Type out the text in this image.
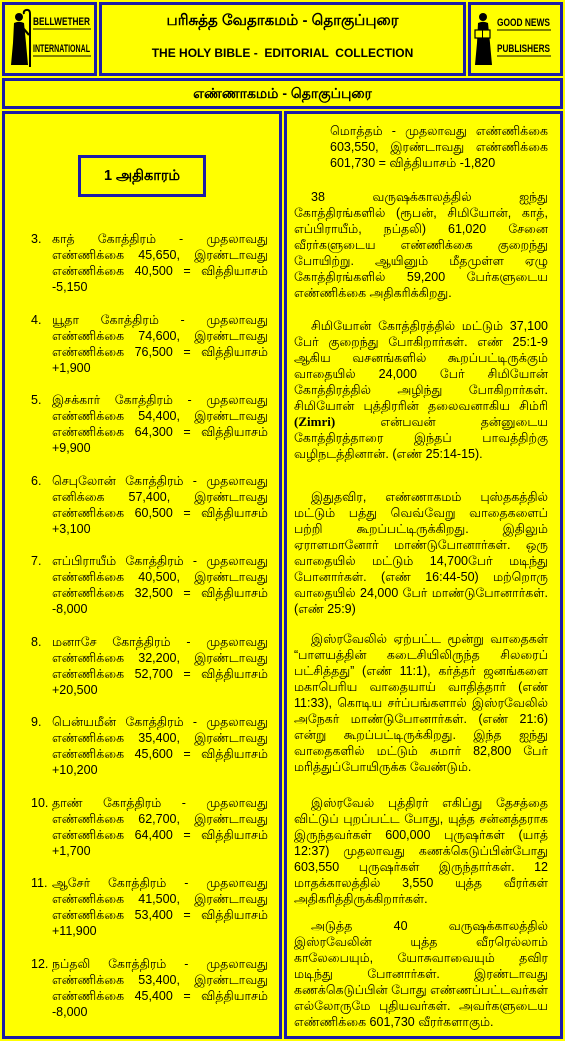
BELLWETHER
INTERNATIONAL
பரிசுத்த வேதாகமம் - தொகுப்புரை
THE HOLY BIBLE -  EDITORIAL  COLLECTION
GOOD NEWS
PUBLISHERS
எண்ணாகமம் - தொகுப்புரை
1 அதிகாரம்
3. காத் கோத்திரம் - முதலாவது எண்ணிக்கை 45,650, இரண்டாவது எண்ணிக்கை 40,500 = வித்தியாசம் -5,150
4. யூதா கோத்திரம் - முதலாவது எண்ணிக்கை 74,600, இரண்டாவது எண்ணிக்கை 76,500 = வித்தியாசம் +1,900
5. இசக்கார் கோத்திரம் - முதலாவது எண்ணிக்கை 54,400, இரண்டாவது எண்ணிக்கை 64,300 = வித்தியாசம் +9,900
6. செபுலோன் கோத்திரம் - முதலாவது எனிக்கை 57,400, இரண்டாவது எண்ணிக்கை 60,500 = வித்தியாசம் +3,100
7. எப்பிராயீம் கோத்திரம் - முதலாவது எண்ணிக்கை 40,500, இரண்டாவது எண்ணிக்கை 32,500 = வித்தியாசம் -8,000
8. மனாசே கோத்திரம் - முதலாவது எண்ணிக்கை 32,200, இரண்டாவது எண்ணிக்கை 52,700 = வித்தியாசம் +20,500
9. பென்யமீன் கோத்திரம் - முதலாவது எண்ணிக்கை 35,400, இரண்டாவது எண்ணிக்கை 45,600 = வித்தியாசம் +10,200
10. தாண் கோத்திரம் - முதலாவது எண்ணிக்கை 62,700, இரண்டாவது எண்ணிக்கை 64,400 = வித்தியாசம் +1,700
11. ஆசேர் கோத்திரம் - முதலாவது எண்ணிக்கை 41,500, இரண்டாவது எண்ணிக்கை 53,400 = வித்தியாசம் +11,900
12. நப்தலி கோத்திரம் - முதலாவது எண்ணிக்கை 53,400, இரண்டாவது எண்ணிக்கை 45,400 = வித்தியாசம் -8,000

மொத்தம் - முதலாவது எண்ணிக்கை 603,550, இரண்டாவது எண்ணிக்கை 601,730 = வித்தியாசம் -1,820

38 வருஷக்காலத்தில் ஐந்து கோத்திரங்களில் (ரூபன், சிமியோன், காத், எப்பிராயீம், நப்தலி) 61,020 சேனை வீரர்களுடைய எண்ணிக்கை குறைந்து போயிற்று. ஆயினும் மீதமுள்ள ஏழு கோத்திரங்களில் 59,200 பேர்களுடைய எண்ணிக்கை அதிகரிக்கிறது.

சிமியோன் கோத்திரத்தில் மட்டும் 37,100 பேர் குறைந்து போகிறார்கள். எண் 25:1-9 ஆகிய வசனங்களில் கூறப்பட்டிருக்கும் வாதையில் 24,000 பேர் சிமியோன் கோத்திரத்தில் அழிந்து போகிறார்கள். சிமியோன் புத்திரரின் தலைவனாகிய சிம்ரி (Zimri)	என்பவன் தன்னுடைய கோத்திரத்தாரை இந்தப் பாவத்திற்கு வழிநடத்தினான். (எண் 25:14-15).

இதுதவிர, எண்ணாகமம் புஸ்தகத்தில் மட்டும் பத்து வெவ்வேறு வாதைகளைப் பற்றி கூறப்பட்டிருக்கிறது. இதிலும் ஏராளமானோர் மாண்டுபோனார்கள். ஒரு வாதையில் மட்டும் 14,700பேர் மடிந்து போனார்கள். (எண் 16:44-50) மற்றொரு வாதையில் 24,000 பேர் மாண்டுபோனார்கள். (எண் 25:9)

இஸ்ரவேலில் ஏற்பட்ட மூன்று வாதைகள் “பாளயத்தின் கடைசியிலிருந்த சிலரைப் பட்சித்தது” (எண் 11:1), கர்த்தர் ஜனங்களை மகாபெரிய வாதையாய் வாதித்தார் (எண் 11:33), கொடிய சர்ப்பங்களால் இஸ்ரவேலில் அநேகர் மாண்டுபோனார்கள். (எண் 21:6) என்று கூறப்பட்டிருக்கிறது. இந்த ஐந்து வாதைகளில் மட்டும் சுமார் 82,800 பேர் மரித்துப்போயிருக்க வேண்டும்.

இஸ்ரவேல் புத்திரர் எகிப்து தேசத்தை விட்டுப் புறப்பட்ட போது, யுத்த சன்னத்தராக இருந்தவர்கள் 600,000 புருஷர்கள் (யாத் 12:37) முதலாவது கணக்கெடுப்பின்போது 603,550 புருஷர்கள் இருந்தார்கள். 12 மாதக்காலத்தில் 3,550 யுத்த வீரர்கள் அதிகரித்திருக்கிறார்கள்.

அடுத்த 40 வருஷக்காலத்தில் இஸ்ரவேலின் யுத்த வீரரெல்லாம் காலேபையும், யோசுவாவையும் தவிர மடிந்து போனார்கள். இரண்டாவது கணக்கெடுப்பின் போது எண்ணப்பட்டவர்கள் எல்லோருமே புதியவர்கள். அவர்களுடைய எண்ணிக்கை 601,730 வீரர்களாகும்.
